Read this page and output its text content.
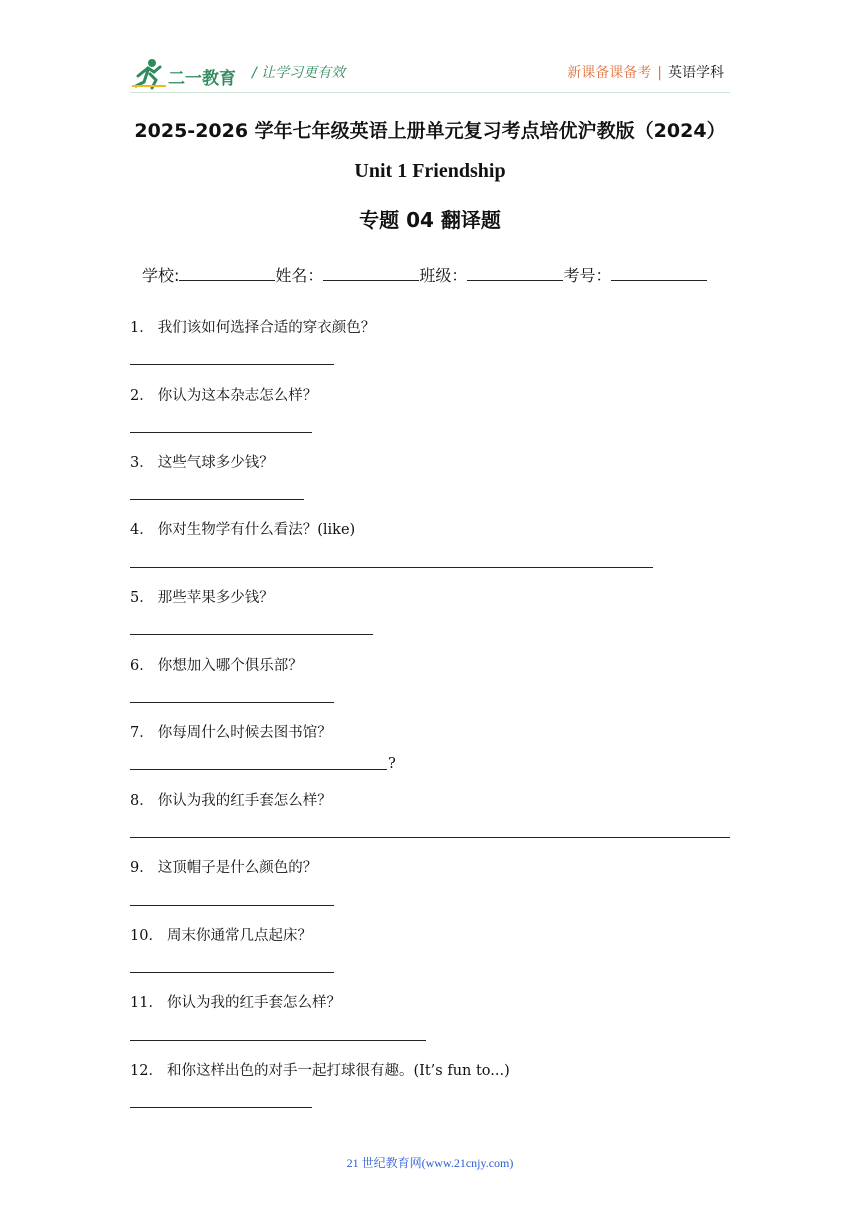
二一教育 / 让学习更有效	新课备课备考 | 英语学科
2025-2026 学年七年级英语上册单元复习考点培优沪教版（2024）
Unit 1 Friendship
专题 04 翻译题
学校:	姓名：	班级：	考号：
1． 我们该如何选择合适的穿衣颜色？
2． 你认为这本杂志怎么样？
3． 这些气球多少钱？
4． 你对生物学有什么看法？(like)
5． 那些苹果多少钱？
6． 你想加入哪个俱乐部？
7． 你每周什么时候去图书馆？
?
8． 你认为我的红手套怎么样？
9． 这顶帽子是什么颜色的？
10． 周末你通常几点起床？
11． 你认为我的红手套怎么样？
12． 和你这样出色的对手一起打球很有趣。(It’s fun to...)
21 世纪教育网(www.21cnjy.com)
